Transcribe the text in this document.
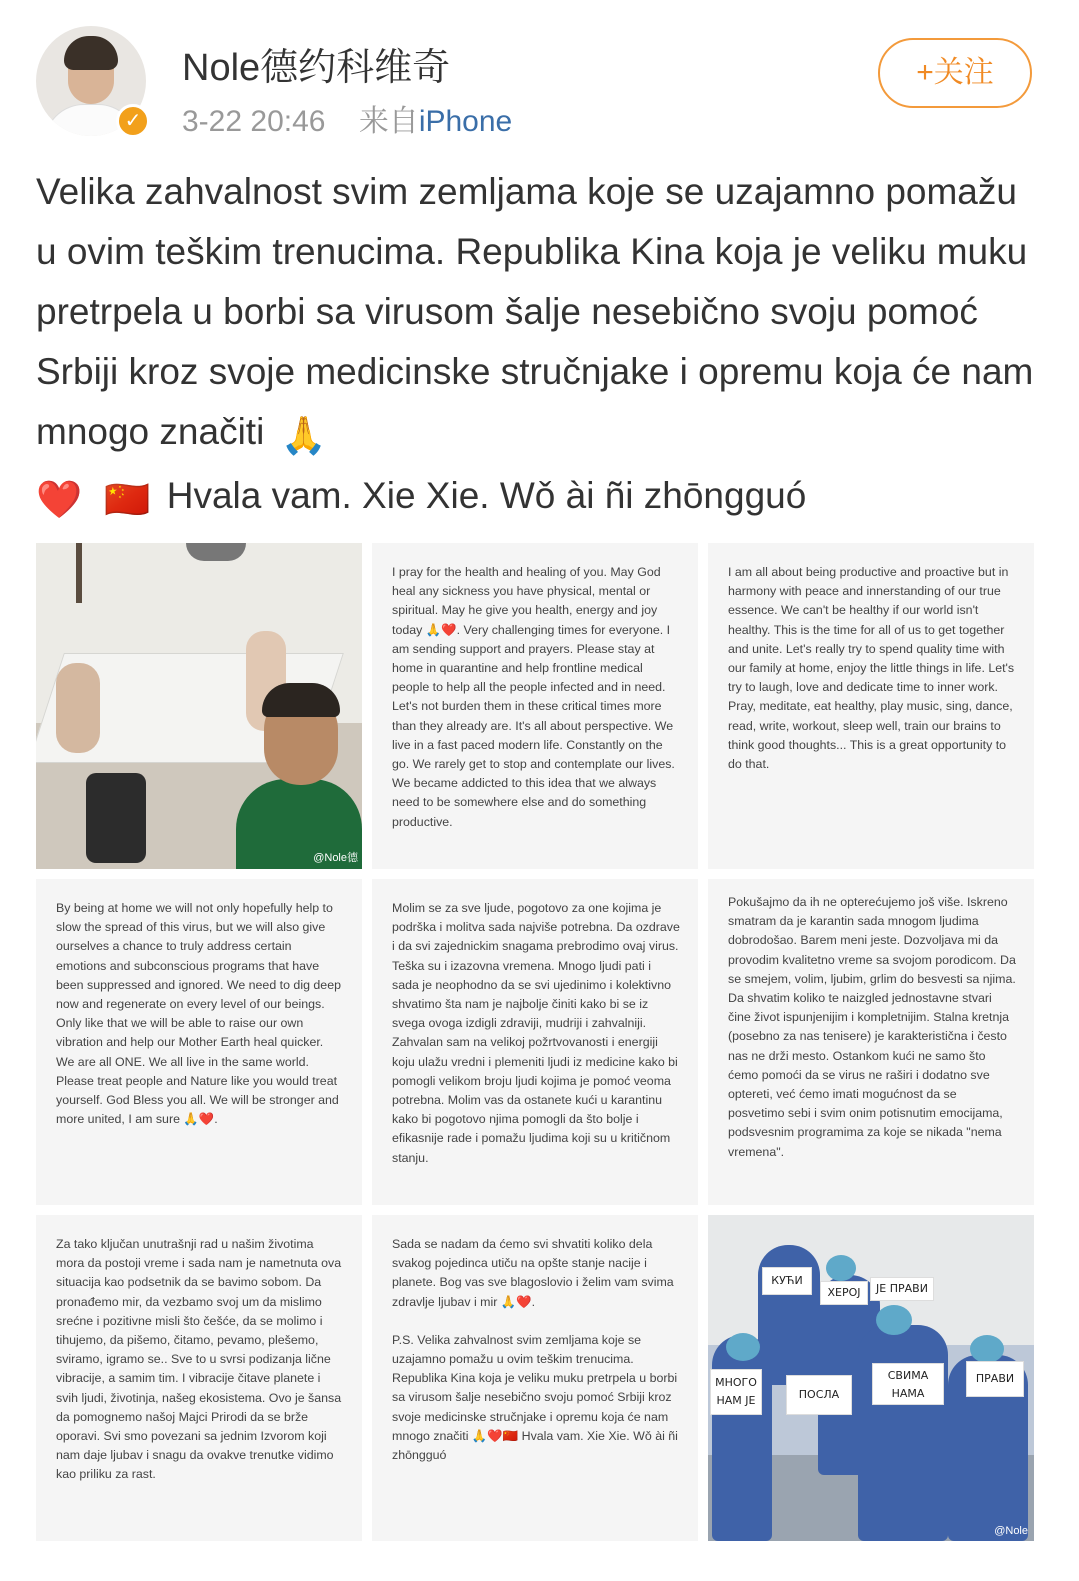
✓
Nole德约科维奇
3-22 20:46 来自iPhone
+关注
Velika zahvalnost svim zemljama koje se uzajamno pomažu u ovim teškim trenucima. Republika Kina koja je veliku muku pretrpela u borbi sa virusom šalje nesebično svoju pomoć Srbiji kroz svoje medicinske stručnjake i opremu koja će nam mnogo značiti 🙏
❤️ 🇨🇳 Hvala vam. Xie Xie. Wǒ ài ñi zhōngguó
@Nole德
I pray for the health and healing of you. May God heal any sickness you have physical, mental or spiritual. May he give you health, energy and joy today 🙏❤️. Very challenging times for everyone. I am sending support and prayers. Please stay at home in quarantine and help frontline medical people to help all the people infected and in need. Let's not burden them in these critical times more than they already are. It's all about perspective. We live in a fast paced modern life. Constantly on the go. We rarely get to stop and contemplate our lives. We became addicted to this idea that we always need to be somewhere else and do something productive.
I am all about being productive and proactive but in harmony with peace and innerstanding of our true essence. We can't be healthy if our world isn't healthy. This is the time for all of us to get together and unite. Let's really try to spend quality time with our family at home, enjoy the little things in life. Let's try to laugh, love and dedicate time to inner work. Pray, meditate, eat healthy, play music, sing, dance, read, write, workout, sleep well, train our brains to think good thoughts... This is a great opportunity to do that.
By being at home we will not only hopefully help to slow the spread of this virus, but we will also give ourselves a chance to truly address certain emotions and subconscious programs that have been suppressed and ignored. We need to dig deep now and regenerate on every level of our beings. Only like that we will be able to raise our own vibration and help our Mother Earth heal quicker. We are all ONE. We all live in the same world. Please treat people and Nature like you would treat yourself. God Bless you all. We will be stronger and more united, I am sure 🙏❤️.
Molim se za sve ljude, pogotovo za one kojima je podrška i molitva sada najviše potrebna. Da ozdrave i da svi zajednickim snagama prebrodimo ovaj virus. Teška su i izazovna vremena. Mnogo ljudi pati i sada je neophodno da se svi ujedinimo i kolektivno shvatimo šta nam je najbolje činiti kako bi se iz svega ovoga izdigli zdraviji, mudriji i zahvalniji. Zahvalan sam na velikoj požrtvovanosti i energiji koju ulažu vredni i plemeniti ljudi iz medicine kako bi pomogli velikom broju ljudi kojima je pomoć veoma potrebna. Molim vas da ostanete kući u karantinu kako bi pogotovo njima pomogli da što bolje i efikasnije rade i pomažu ljudima koji su u kritičnom stanju.
Pokušajmo da ih ne opterećujemo još više. Iskreno smatram da je karantin sada mnogom ljudima dobrodošao. Barem meni jeste. Dozvoljava mi da provodim kvalitetno vreme sa svojom porodicom. Da se smejem, volim, ljubim, grlim do besvesti sa njima. Da shvatim koliko te naizgled jednostavne stvari čine život ispunjenijim i kompletnijim. Stalna kretnja (posebno za nas tenisere) je karakteristična i često nas ne drži mesto. Ostankom kući ne samo što ćemo pomoći da se virus ne raširi i dodatno sve optereti, već ćemo imati mogućnost da se posvetimo sebi i svim onim potisnutim emocijama, podsvesnim programima za koje se nikada "nema vremena".
Za tako ključan unutrašnji rad u našim životima mora da postoji vreme i sada nam je nametnuta ova situacija kao podsetnik da se bavimo sobom. Da pronađemo mir, da vezbamo svoj um da mislimo srećne i pozitivne misli što češće, da se molimo i tihujemo, da pišemo, čitamo, pevamo, plešemo, sviramo, igramo se.. Sve to u svrsi podizanja lične vibracije, a samim tim. I vibracije čitave planete i svih ljudi, životinja, našeg ekosistema. Ovo je šansa da pomognemo našoj Majci Prirodi da se brže oporavi. Svi smo povezani sa jednim Izvorom koji nam daje ljubav i snagu da ovakve trenutke vidimo kao priliku za rast.
Sada se nadam da ćemo svi shvatiti koliko dela svakog pojedinca utiču na opšte stanje nacije i planete. Bog vas sve blagoslovio i želim vam svima zdravlje ljubav i mir 🙏❤️.
P.S. Velika zahvalnost svim zemljama koje se uzajamno pomažu u ovim teškim trenucima. Republika Kina koja je veliku muku pretrpela u borbi sa virusom šalje nesebično svoju pomoć Srbiji kroz svoje medicinske stručnjake i opremu koja će nam mnogo značiti 🙏❤️🇨🇳 Hvala vam. Xie Xie. Wǒ ài ñi zhōngguó
КУЋИ
ХЕРОЈ	ЈЕ ПРАВИ
МНОГО НАМ ЈЕ	ПОСЛА
СВИМА НАМА
ПРАВИ
@Nole
